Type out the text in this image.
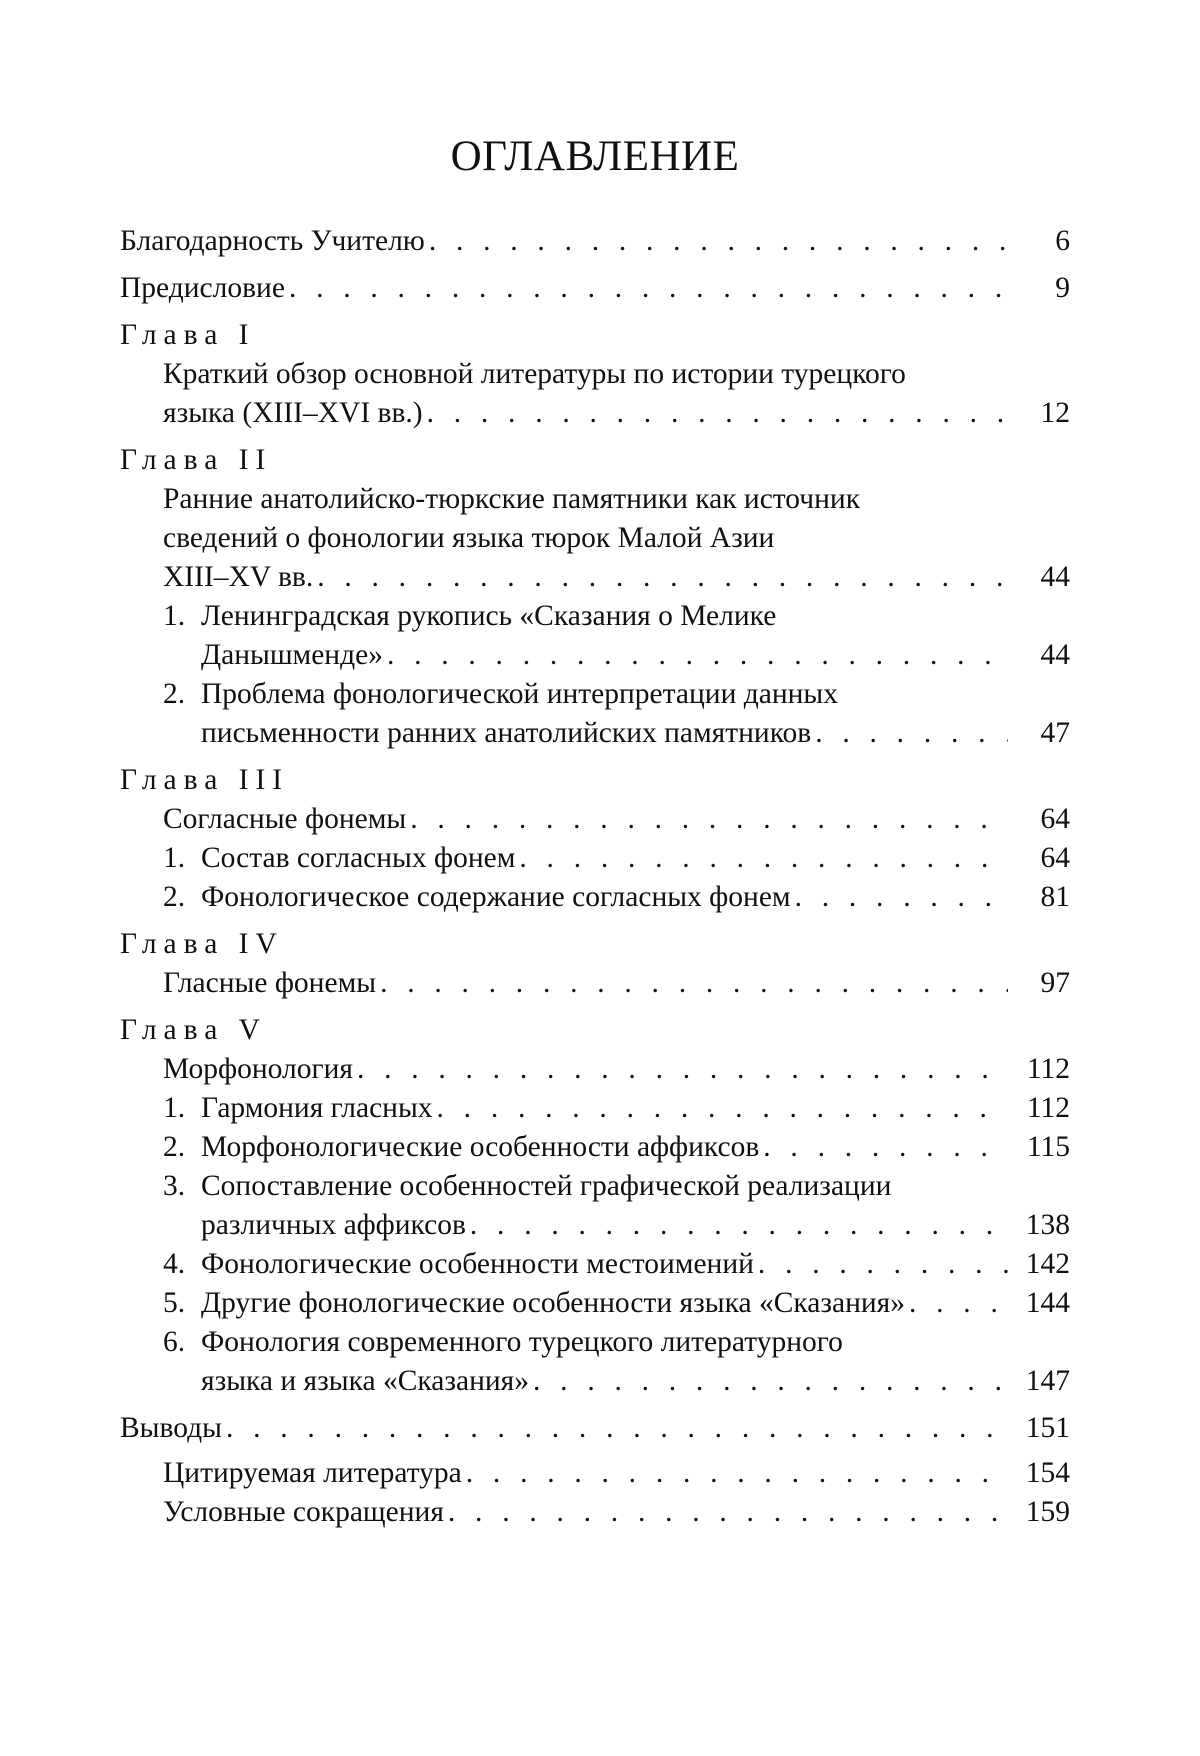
ОГЛАВЛЕНИЕ
Благодарность Учителю . . .	6
Предисловие . . .	9
Глава I
Краткий обзор основной литературы по истории турецкого
языка (XIII–XVI вв.) . . .	12
Глава II
Ранние анатолийско-тюркские памятники как источник
сведений о фонологии языка тюрок Малой Азии
XIII–XV вв. . . .	44
1. Ленинградская рукопись «Сказания о Мелике
Данышменде» . . .	44
2. Проблема фонологической интерпретации данных
письменности ранних анатолийских памятников . . .	47
Глава III
Согласные фонемы . . .	64
1. Состав согласных фонем . . .	64
2. Фонологическое содержание согласных фонем . . .	81
Глава IV
Гласные фонемы . . .	97
Глава V
Морфонология . . .	112
1. Гармония гласных . . .	112
2. Морфонологические особенности аффиксов . . .	115
3. Сопоставление особенностей графической реализации
различных аффиксов . . .	138
4. Фонологические особенности местоимений . . .	142
5. Другие фонологические особенности языка «Сказания» . . .	144
6. Фонология современного турецкого литературного
языка и языка «Сказания» . . .	147
Выводы . . .	151
Цитируемая литература . . .	154
Условные сокращения . . .	159
